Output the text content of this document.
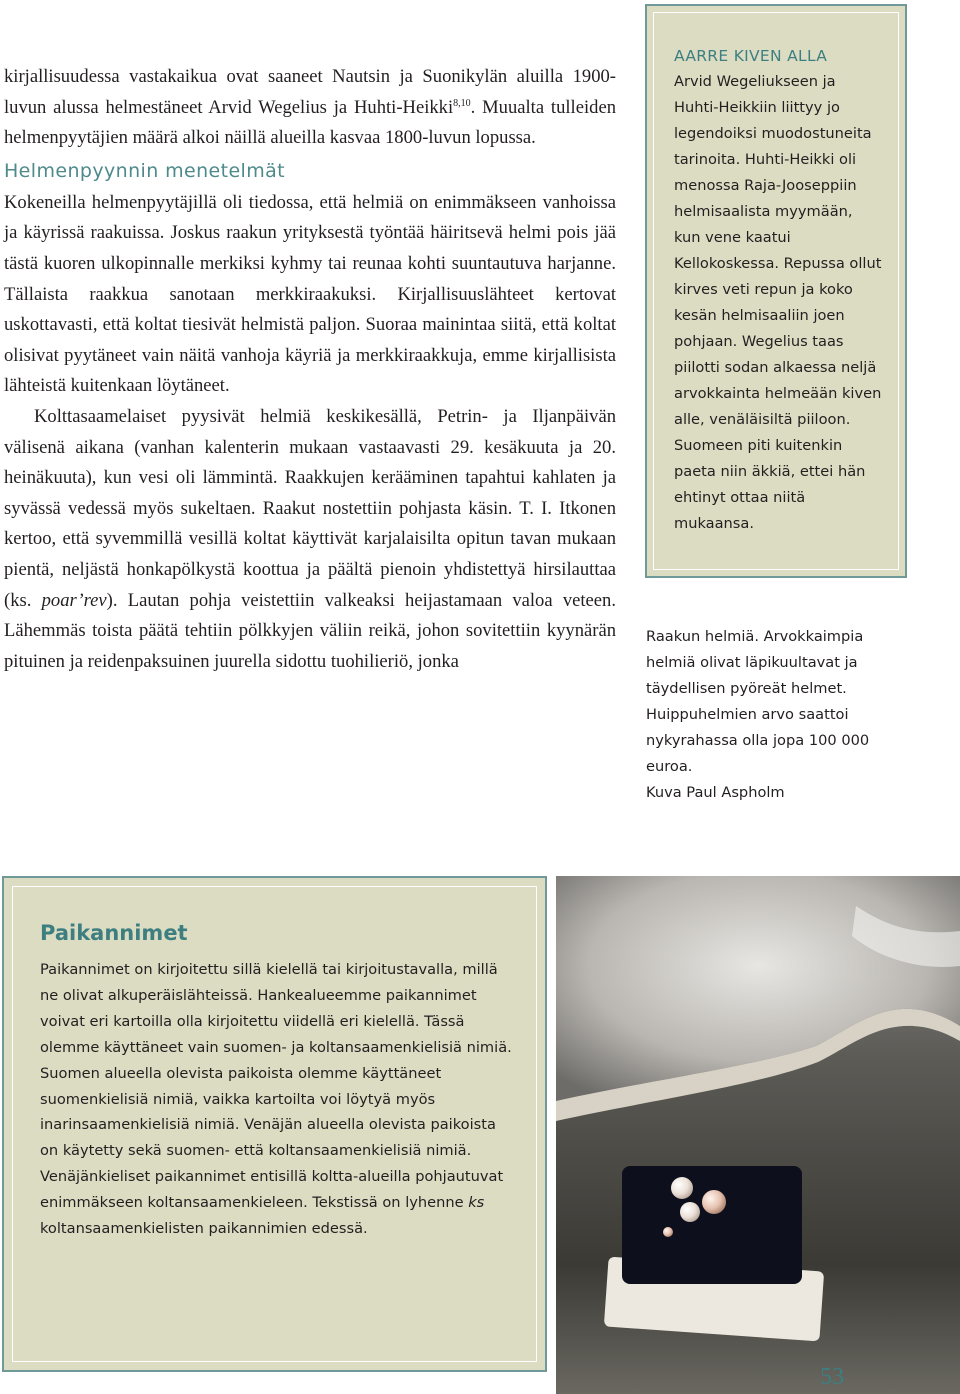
kirjallisuudessa vastakaikua ovat saaneet Nautsin ja Suonikylän aluilla 1900-luvun alussa helmestäneet Arvid Wegelius ja Huhti-Heikki$^{8,10}$. Muualta tulleiden helmenpyytäjien määrä alkoi näillä alueilla kasvaa 1800-luvun lopussa.

Helmenpyynnin menetelmät

Kokeneilla helmenpyytäjillä oli tiedossa, että helmiä on enimmäkseen vanhoissa ja käyrissä raakuissa. Joskus raakun yrityksestä työntää häiritsevä helmi pois jää tästä kuoren ulkopinnalle merkiksi kyhmy tai reunaa kohti suuntautuva harjanne. Tällaista raakkua sanotaan merkkiraakuksi. Kirjallisuuslähteet kertovat uskottavasti, että koltat tiesivät helmistä paljon. Suoraa mainintaa siitä, että koltat olisivat pyytäneet vain näitä vanhoja käyriä ja merkkiraakkuja, emme kirjallisista lähteistä kuitenkaan löytäneet.

Kolttasaamelaiset pyysivät helmiä keskikesällä, Petrin- ja Iljanpäivän välisenä aikana (vanhan kalenterin mukaan vastaavasti 29. kesäkuuta ja 20. heinäkuuta), kun vesi oli lämmintä. Raakkujen kerääminen tapahtui kahlaten ja syvässä vedessä myös sukeltaen. Raakut nostettiin pohjasta käsin. T. I. Itkonen kertoo, että syvemmillä vesillä koltat käyttivät karjalaisilta opitun tavan mukaan pientä, neljästä honkapölkystä koottua ja päältä pienoin yhdistettyä hirsilauttaa (ks. poar’rev). Lautan pohja veistettiin valkeaksi heijastamaan valoa veteen. Lähemmäs toista päätä tehtiin pölkkyjen väliin reikä, johon sovitettiin kyynärän pituinen ja reidenpaksuinen juurella sidottu tuohilieriö, jonka

AARRE KIVEN ALLA

Arvid Wegeliukseen ja Huhti-Heikkiin liittyy jo legendoiksi muodostuneita tarinoita. Huhti-Heikki oli menossa Raja-Jooseppiin helmisaalista myymään, kun vene kaatui Kellokoskessa. Repussa ollut kirves veti repun ja koko kesän helmisaaliin joen pohjaan. Wegelius taas piilotti sodan alkaessa neljä arvokkainta helmeään kiven alle, venäläisiltä piiloon. Suomeen piti kuitenkin paeta niin äkkiä, ettei hän ehtinyt ottaa niitä mukaansa.

Raakun helmiä. Arvokkaimpia helmiä olivat läpikuultavat ja täydellisen pyöreät helmet. Huippuhelmien arvo saattoi nykyrahassa olla jopa 100 000 euroa.

Kuva Paul Aspholm

Paikannimet

Paikannimet on kirjoitettu sillä kielellä tai kirjoitustavalla, millä ne olivat alkuperäislähteissä. Hankealueemme paikannimet voivat eri kartoilla olla kirjoitettu viidellä eri kielellä. Tässä olemme käyttäneet vain suomen- ja koltansaamenkielisiä nimiä. Suomen alueella olevista paikoista olemme käyttäneet suomenkielisiä nimiä, vaikka kartoilta voi löytyä myös inarinsaamenkielisiä nimiä. Venäjän alueella olevista paikoista on käytetty sekä suomen- että koltansaamenkielisiä nimiä. Venäjänkieliset paikannimet entisillä koltta-alueilla pohjautuvat enimmäkseen koltansaamenkieleen. Tekstissä on lyhenne ks koltansaamenkielisten paikannimien edessä.

53
